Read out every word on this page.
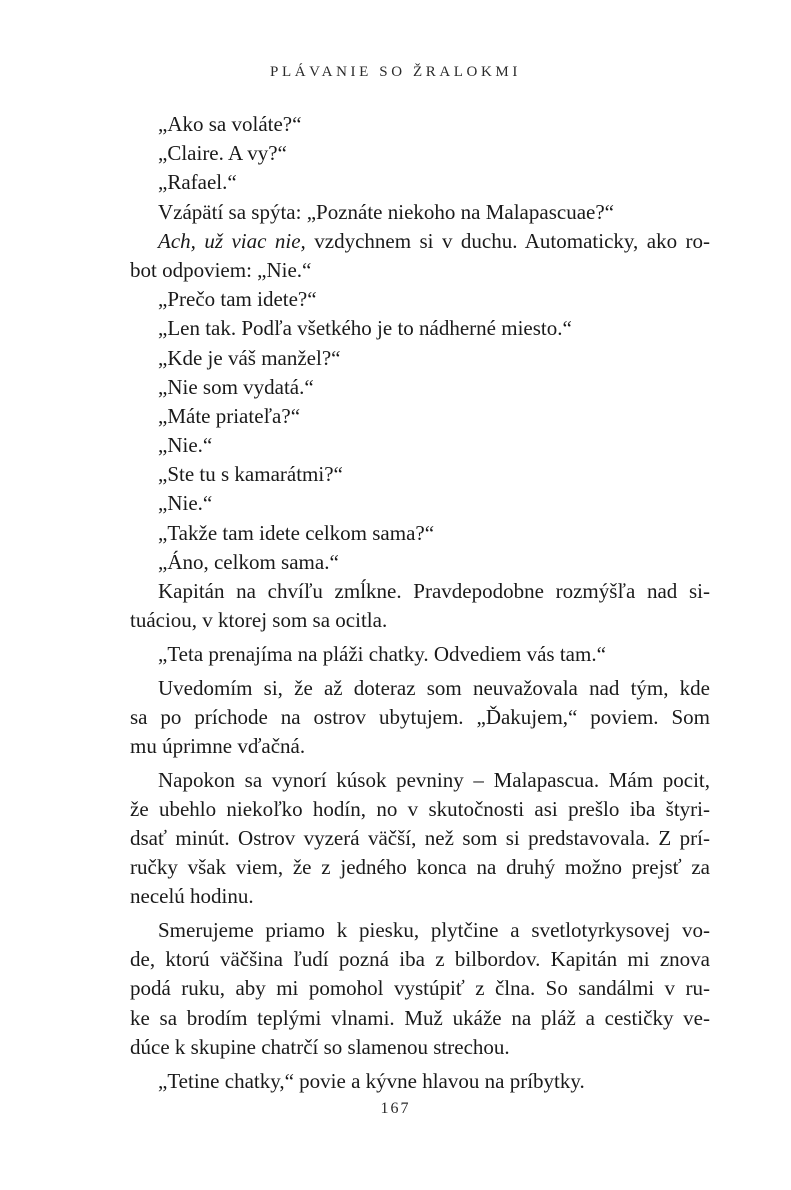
PLÁVANIE SO ŽRALOKMI
„Ako sa voláte?“
„Claire. A vy?“
„Rafael.“
Vzápätí sa spýta: „Poznáte niekoho na Malapascuae?“
Ach, už viac nie, vzdychnem si v duchu. Automaticky, ako ro-
bot odpoviem: „Nie.“
„Prečo tam idete?“
„Len tak. Podľa všetkého je to nádherné miesto.“
„Kde je váš manžel?“
„Nie som vydatá.“
„Máte priateľa?“
„Nie.“
„Ste tu s kamarátmi?“
„Nie.“
„Takže tam idete celkom sama?“
„Áno, celkom sama.“
Kapitán na chvíľu zmĺkne. Pravdepodobne rozmýšľa nad si-
tuáciou, v ktorej som sa ocitla.
„Teta prenajíma na pláži chatky. Odvediem vás tam.“
Uvedomím si, že až doteraz som neuvažovala nad tým, kde
sa po príchode na ostrov ubytujem. „Ďakujem,“ poviem. Som
mu úprimne vďačná.
Napokon sa vynorí kúsok pevniny – Malapascua. Mám pocit,
že ubehlo niekoľko hodín, no v skutočnosti asi prešlo iba štyri-
dsať minút. Ostrov vyzerá väčší, než som si predstavovala. Z prí-
ručky však viem, že z jedného konca na druhý možno prejsť za
necelú hodinu.
Smerujeme priamo k piesku, plytčine a svetlotyrkysovej vo-
de, ktorú väčšina ľudí pozná iba z bilbordov. Kapitán mi znova
podá ruku, aby mi pomohol vystúpiť z člna. So sandálmi v ru-
ke sa brodím teplými vlnami. Muž ukáže na pláž a cestičky ve-
dúce k skupine chatrčí so slamenou strechou.
„Tetine chatky,“ povie a kývne hlavou na príbytky.
167
